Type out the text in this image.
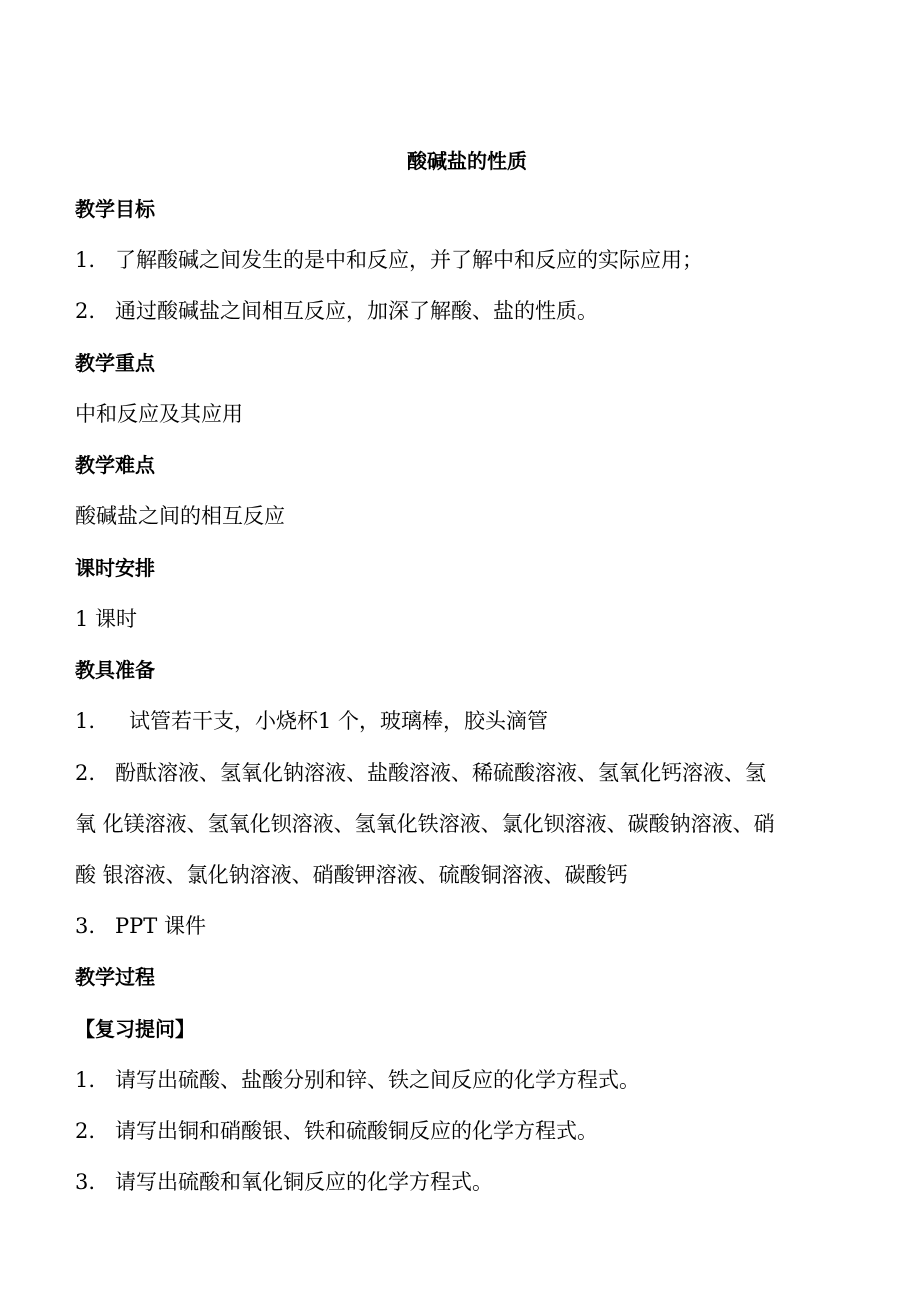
酸碱盐的性质
教学目标
1. 了解酸碱之间发生的是中和反应，并了解中和反应的实际应用；
2. 通过酸碱盐之间相互反应，加深了解酸、盐的性质。
教学重点
中和反应及其应用
教学难点
酸碱盐之间的相互反应
课时安排
1 课时
教具准备
1. 试管若干支，小烧杯1 个，玻璃棒，胶头滴管
2. 酚酞溶液、氢氧化钠溶液、盐酸溶液、稀硫酸溶液、氢氧化钙溶液、氢
氧 化镁溶液、氢氧化钡溶液、氢氧化铁溶液、氯化钡溶液、碳酸钠溶液、硝
酸 银溶液、氯化钠溶液、硝酸钾溶液、硫酸铜溶液、碳酸钙
3. PPT 课件
教学过程
【复习提问】
1. 请写出硫酸、盐酸分别和锌、铁之间反应的化学方程式。
2. 请写出铜和硝酸银、铁和硫酸铜反应的化学方程式。
3. 请写出硫酸和氧化铜反应的化学方程式。
